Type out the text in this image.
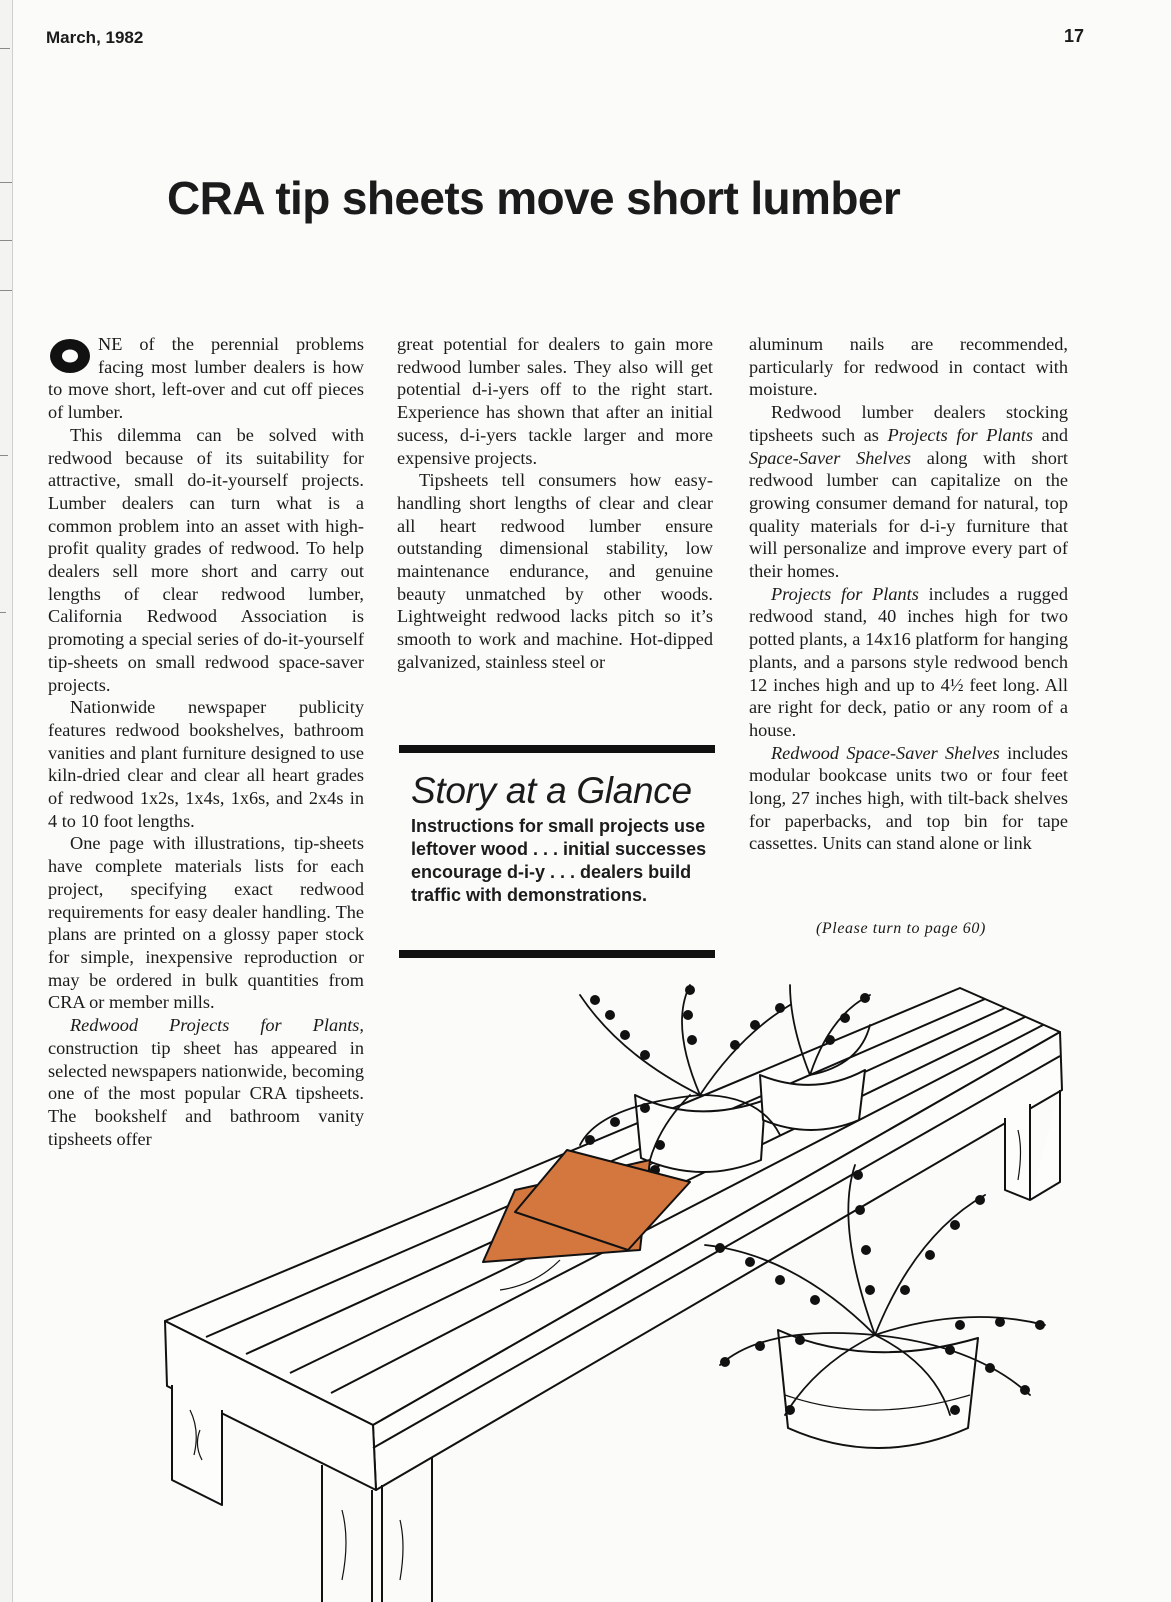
March, 1982	17
CRA tip sheets move short lumber

NE of the perennial problems facing most lumber dealers is how to move short, left-over and cut off pieces of lumber.

This dilemma can be solved with redwood because of its suitability for attractive, small do-it-yourself projects. Lumber dealers can turn what is a common problem into an asset with high-profit quality grades of redwood. To help dealers sell more short and carry out lengths of clear redwood lumber, California Redwood Association is promoting a special series of do-it-yourself tip-sheets on small redwood space-saver projects.

Nationwide newspaper publicity features redwood bookshelves, bathroom vanities and plant furniture designed to use kiln-dried clear and clear all heart grades of redwood 1x2s, 1x4s, 1x6s, and 2x4s in 4 to 10 foot lengths.

One page with illustrations, tip-sheets have complete materials lists for each project, specifying exact redwood requirements for easy dealer handling. The plans are printed on a glossy paper stock for simple, inexpensive reproduction or may be ordered in bulk quantities from CRA or member mills.

Redwood Projects for Plants, construction tip sheet has appeared in selected newspapers nationwide, becoming one of the most popular CRA tipsheets. The bookshelf and bathroom vanity tipsheets offer

great potential for dealers to gain more redwood lumber sales. They also will get potential d-i-yers off to the right start. Experience has shown that after an initial sucess, d-i-yers tackle larger and more expensive projects.

Tipsheets tell consumers how easy-handling short lengths of clear and clear all heart redwood lumber ensure outstanding dimensional stability, low maintenance endurance, and genuine beauty unmatched by other woods. Lightweight redwood lacks pitch so it’s smooth to work and machine. Hot-dipped galvanized, stainless steel or

aluminum nails are recommended, particularly for redwood in contact with moisture.

Redwood lumber dealers stocking tipsheets such as Projects for Plants and Space-Saver Shelves along with short redwood lumber can capitalize on the growing consumer demand for natural, top quality materials for d-i-y furniture that will personalize and improve every part of their homes.

Projects for Plants includes a rugged redwood stand, 40 inches high for two potted plants, a 14x16 platform for hanging plants, and a parsons style redwood bench 12 inches high and up to 4½ feet long. All are right for deck, patio or any room of a house.

Redwood Space-Saver Shelves includes modular bookcase units two or four feet long, 27 inches high, with tilt-back shelves for paperbacks, and top bin for tape cassettes. Units can stand alone or link

(Please turn to page 60)
Story at a Glance

Instructions for small projects use leftover wood . . . initial successes encourage d-i-y . . . dealers build traffic with demonstrations.
